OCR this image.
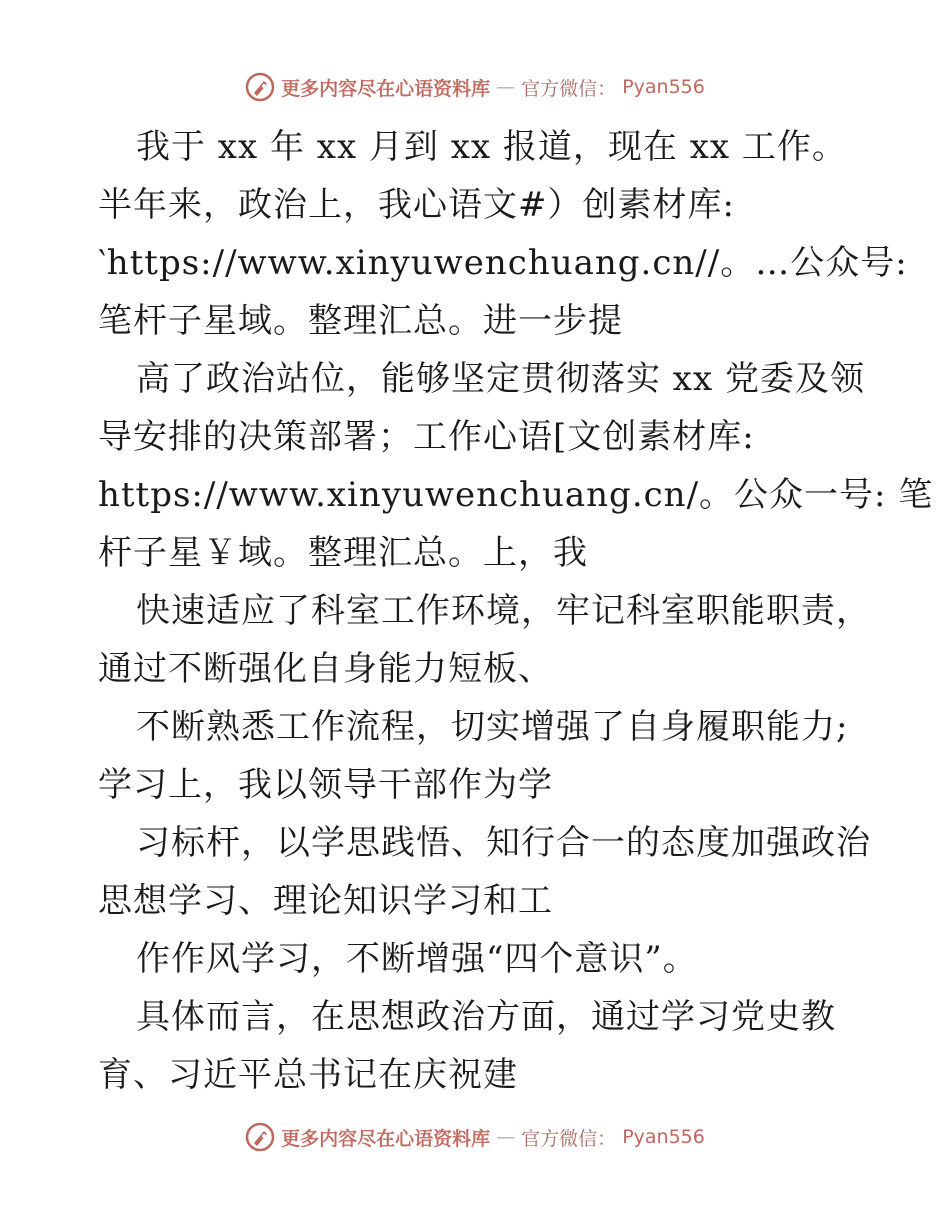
更多内容尽在心语资料库 — 官方微信： Pyan556
我于 xx 年 xx 月到 xx 报道，现在 xx 工作。
半年来，政治上，我心语文#）创素材库:
‵https://www.xinyuwenchuang.cn//。…公众号:
笔杆子星域。整理汇总。进一步提
高了政治站位，能够坚定贯彻落实 xx 党委及领
导安排的决策部署；工作心语[文创素材库:
https://www.xinyuwenchuang.cn/。公众一号: 笔
杆子星￥域。整理汇总。上，我
快速适应了科室工作环境，牢记科室职能职责，
通过不断强化自身能力短板、
不断熟悉工作流程，切实增强了自身履职能力;
学习上，我以领导干部作为学
习标杆，以学思践悟、知行合一的态度加强政治
思想学习、理论知识学习和工
作作风学习，不断增强“四个意识”。
具体而言，在思想政治方面，通过学习党史教
育、习近平总书记在庆祝建
更多内容尽在心语资料库 — 官方微信： Pyan556
